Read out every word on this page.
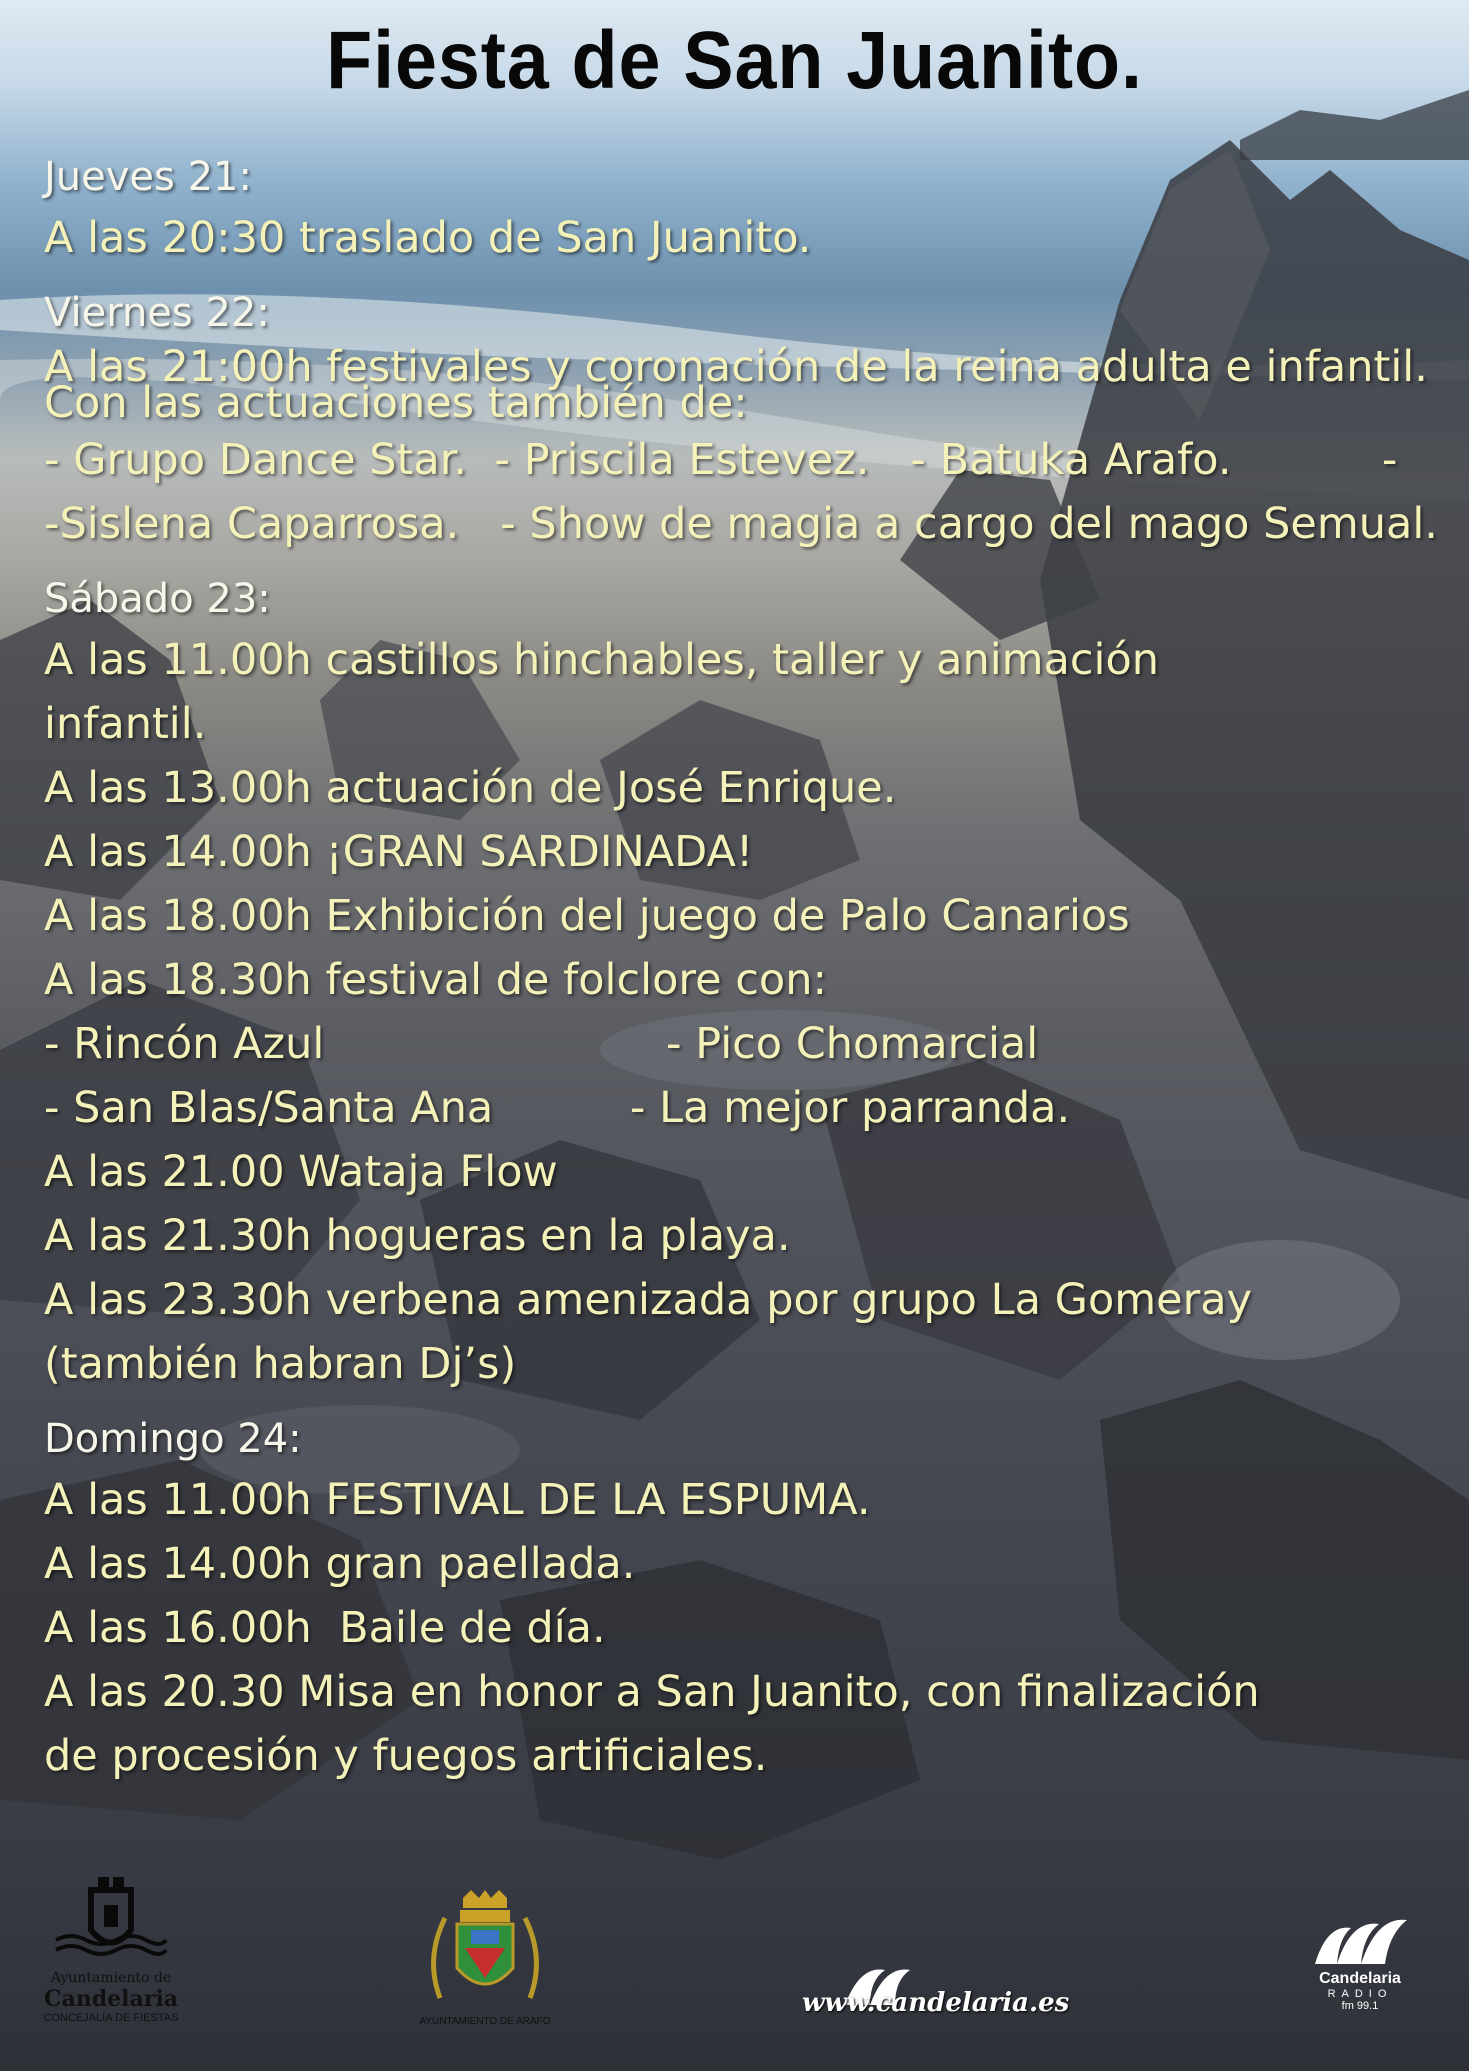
Fiesta de San Juanito.
Jueves 21:
A las 20:30 traslado de San Juanito.
Viernes 22:
A las 21:00h festivales y coronación de la reina adulta e infantil.
Con las actuaciones también de:
- Grupo Dance Star.  - Priscila Estevez.   - Batuka Arafo.           -
-Sislena Caparrosa.   - Show de magia a cargo del mago Semual.
Sábado 23:
A las 11.00h castillos hinchables, taller y animación
infantil.
A las 13.00h actuación de José Enrique.
A las 14.00h ¡GRAN SARDINADA!
A las 18.00h Exhibición del juego de Palo Canarios
A las 18.30h festival de folclore con:
- Rincón Azul                         - Pico Chomarcial
- San Blas/Santa Ana          - La mejor parranda.
A las 21.00 Wataja Flow
A las 21.30h hogueras en la playa.
A las 23.30h verbena amenizada por grupo La Gomeray
(también habran Dj’s)
Domingo 24:
A las 11.00h FESTIVAL DE LA ESPUMA.
A las 14.00h gran paellada.
A las 16.00h  Baile de día.
A las 20.30 Misa en honor a San Juanito, con finalización
de procesión y fuegos artificiales.
Ayuntamiento de
Candelaria
CONCEJALÍA DE FIESTAS	AYUNTAMIENTO DE ARAFO
www.candelaria.es
Candelaria
RADIO
fm 99.1
